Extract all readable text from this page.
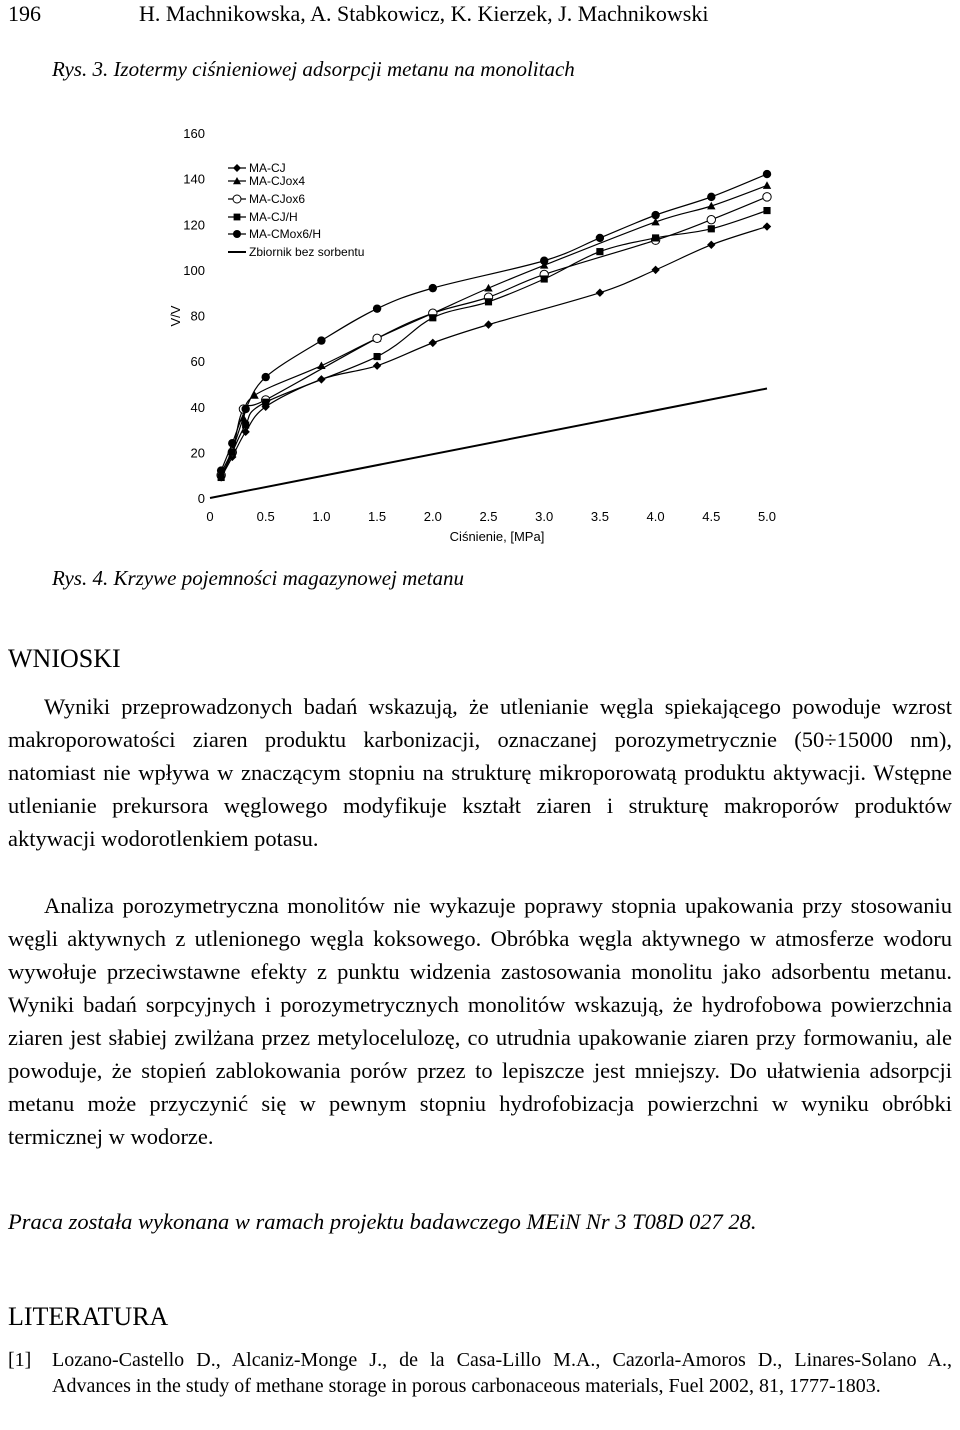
196	H. Machnikowska, A. Stabkowicz, K. Kierzek, J. Machnikowski
Rys. 3. Izotermy ciśnieniowej adsorpcji metanu na monolitach
0
20
40
60
80
100
120
140
160
0	0.5	1.0	1.5	2.0	2.5	3.0	3.5	4.0	4.5	5.0
Ciśnienie, [MPa]
V/V
MA-CJ
MA-CJox4
MA-CJox6
MA-CJ/H
MA-CMox6/H
Zbiornik bez sorbentu
Rys. 4. Krzywe pojemności magazynowej metanu
WNIOSKI

Wyniki przeprowadzonych badań wskazują, że utlenianie węgla spiekającego powoduje wzrost makroporowatości ziaren produktu karbonizacji, oznaczanej porozymetrycznie (50÷15000 nm), natomiast nie wpływa w znaczącym stopniu na strukturę mikroporowatą produktu aktywacji. Wstępne utlenianie prekursora węglowego modyfikuje kształt ziaren i strukturę makroporów produktów aktywacji wodorotlenkiem potasu.

Analiza porozymetryczna monolitów nie wykazuje poprawy stopnia upakowania przy stosowaniu węgli aktywnych z utlenionego węgla koksowego. Obróbka węgla aktywnego w atmosferze wodoru wywołuje przeciwstawne efekty z punktu widzenia zastosowania monolitu jako adsorbentu metanu. Wyniki badań sorpcyjnych i porozymetrycznych monolitów wskazują, że hydrofobowa powierzchnia ziaren jest słabiej zwilżana przez metylocelulozę, co utrudnia upakowanie ziaren przy formowaniu, ale powoduje, że stopień zablokowania porów przez to lepiszcze jest mniejszy. Do ułatwienia adsorpcji metanu może przyczynić się w pewnym stopniu hydrofobizacja powierzchni w wyniku obróbki termicznej w wodorze.

Praca została wykonana w ramach projektu badawczego MEiN Nr 3 T08D 027 28.
LITERATURA
[1] Lozano-Castello D., Alcaniz-Monge J., de la Casa-Lillo M.A., Cazorla-Amoros D., Linares-Solano A., Advances in the study of methane storage in porous carbonaceous materials, Fuel 2002, 81, 1777-1803.
